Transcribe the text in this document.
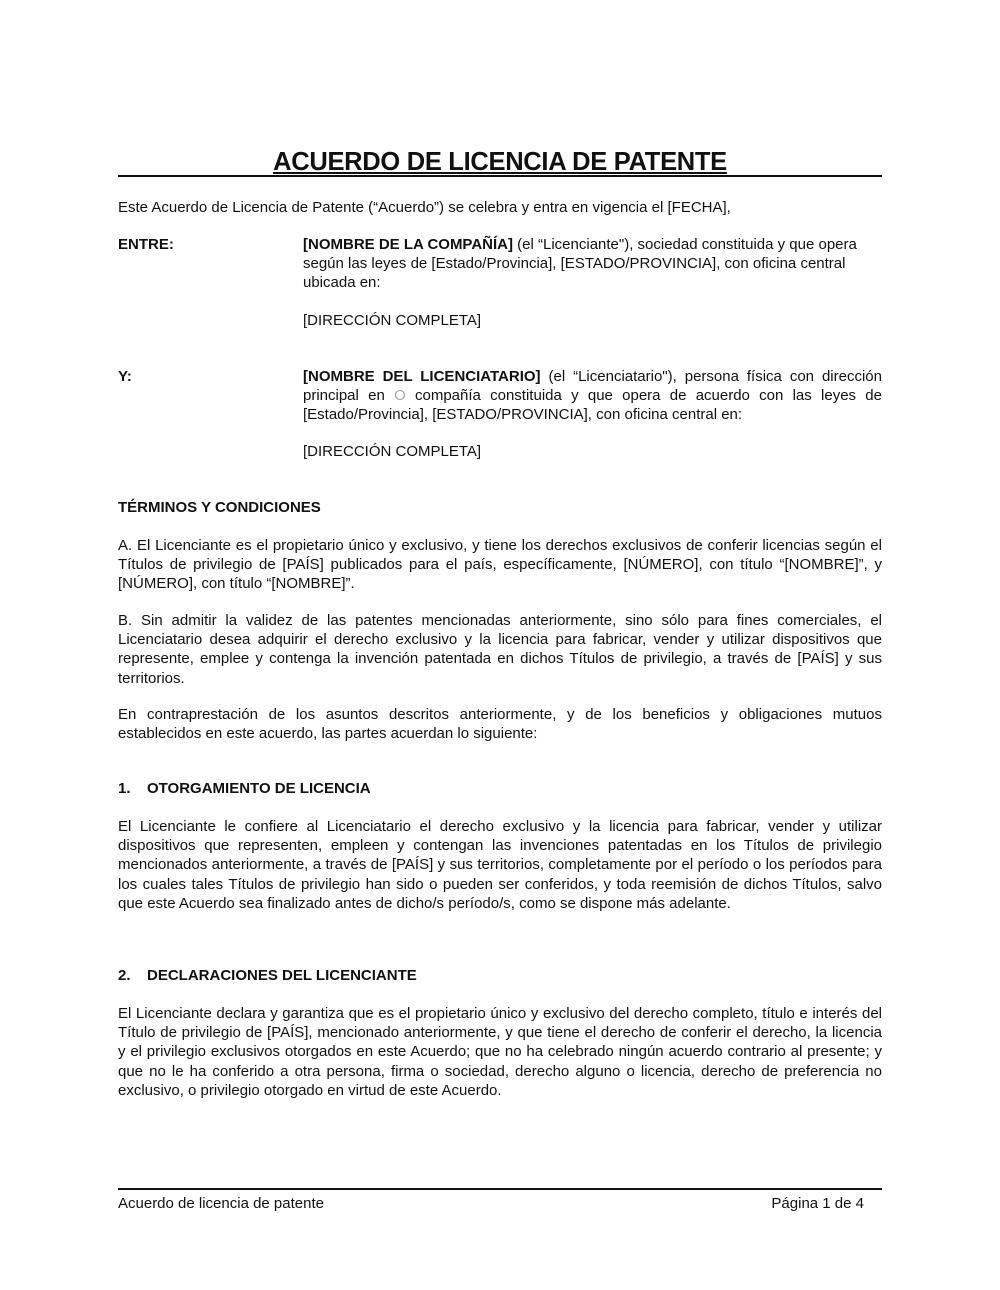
ACUERDO DE LICENCIA DE PATENTE
Este Acuerdo de Licencia de Patente (“Acuerdo”) se celebra y entra en vigencia el [FECHA],
ENTRE:	[NOMBRE DE LA COMPAÑÍA] (el “Licenciante"), sociedad constituida y que opera según las leyes de [Estado/Provincia], [ESTADO/PROVINCIA], con oficina central ubicada en:
[DIRECCIÓN COMPLETA]
Y:	[NOMBRE DEL LICENCIATARIO] (el “Licenciatario"), persona física con dirección principal en O compañía constituida y que opera de acuerdo con las leyes de [Estado/Provincia], [ESTADO/PROVINCIA], con oficina central en:
[DIRECCIÓN COMPLETA]
TÉRMINOS Y CONDICIONES
A. El Licenciante es el propietario único y exclusivo, y tiene los derechos exclusivos de conferir licencias según el Títulos de privilegio de [PAÍS] publicados para el país, específicamente, [NÚMERO], con título “[NOMBRE]”, y [NÚMERO], con título “[NOMBRE]”.
B. Sin admitir la validez de las patentes mencionadas anteriormente, sino sólo para fines comerciales, el Licenciatario desea adquirir el derecho exclusivo y la licencia para fabricar, vender y utilizar dispositivos que represente, emplee y contenga la invención patentada en dichos Títulos de privilegio, a través de [PAÍS] y sus territorios.
En contraprestación de los asuntos descritos anteriormente, y de los beneficios y obligaciones mutuos establecidos en este acuerdo, las partes acuerdan lo siguiente:
1. OTORGAMIENTO DE LICENCIA
El Licenciante le confiere al Licenciatario el derecho exclusivo y la licencia para fabricar, vender y utilizar dispositivos que representen, empleen y contengan las invenciones patentadas en los Títulos de privilegio mencionados anteriormente, a través de [PAÍS] y sus territorios, completamente por el período o los períodos para los cuales tales Títulos de privilegio han sido o pueden ser conferidos, y toda reemisión de dichos Títulos, salvo que este Acuerdo sea finalizado antes de dicho/s período/s, como se dispone más adelante.
2. DECLARACIONES DEL LICENCIANTE
El Licenciante declara y garantiza que es el propietario único y exclusivo del derecho completo, título e interés del Título de privilegio de [PAÍS], mencionado anteriormente, y que tiene el derecho de conferir el derecho, la licencia y el privilegio exclusivos otorgados en este Acuerdo; que no ha celebrado ningún acuerdo contrario al presente; y que no le ha conferido a otra persona, firma o sociedad, derecho alguno o licencia, derecho de preferencia no exclusivo, o privilegio otorgado en virtud de este Acuerdo.
Acuerdo de licencia de patente	Página 1 de 4
